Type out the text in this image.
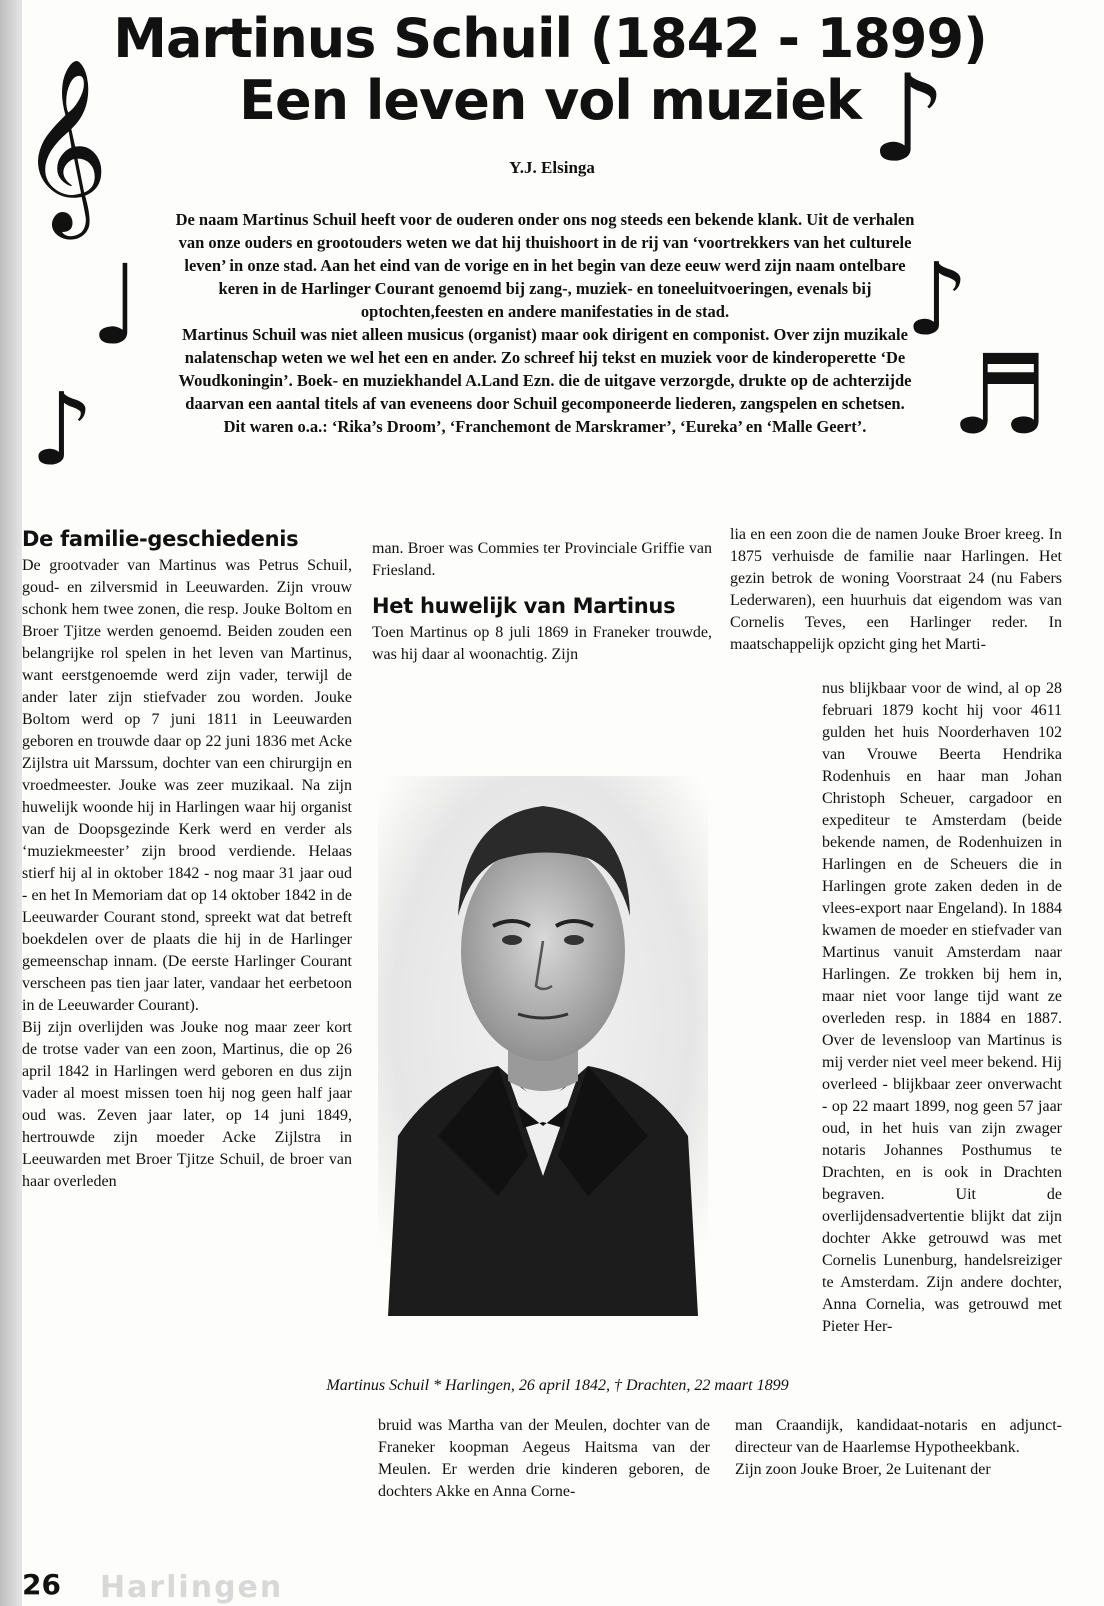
𝄞
♩
♪
♪
♪
♬
Martinus Schuil (1842 - 1899)
Een leven vol muziek
Y.J. Elsinga

De naam Martinus Schuil heeft voor de ouderen onder ons nog steeds een bekende klank. Uit de verhalen van onze ouders en grootouders weten we dat hij thuishoort in de rij van ‘voortrekkers van het culturele leven’ in onze stad. Aan het eind van de vorige en in het begin van deze eeuw werd zijn naam ontelbare keren in de Harlinger Courant genoemd bij zang-, muziek- en toneeluitvoeringen, evenals bij optochten,feesten en andere manifestaties in de stad.

Martinus Schuil was niet alleen musicus (organist) maar ook dirigent en componist. Over zijn muzikale nalatenschap weten we wel het een en ander. Zo schreef hij tekst en muziek voor de kinderoperette ‘De Woudkoningin’. Boek- en muziekhandel A.Land Ezn. die de uitgave verzorgde, drukte op de achterzijde daarvan een aantal titels af van eveneens door Schuil gecomponeerde liederen, zangspelen en schetsen. Dit waren o.a.: ‘Rika’s Droom’, ‘Franchemont de Marskramer’, ‘Eureka’ en ‘Malle Geert’.

De familie-geschiedenis

De grootvader van Martinus was Petrus Schuil, goud- en zilversmid in Leeuwarden. Zijn vrouw schonk hem twee zonen, die resp. Jouke Boltom en Broer Tjitze werden genoemd. Beiden zouden een belangrijke rol spelen in het leven van Martinus, want eerstgenoemde werd zijn vader, terwijl de ander later zijn stiefvader zou worden. Jouke Boltom werd op 7 juni 1811 in Leeuwarden geboren en trouwde daar op 22 juni 1836 met Acke Zijlstra uit Marssum, dochter van een chirurgijn en vroedmeester. Jouke was zeer muzikaal. Na zijn huwelijk woonde hij in Harlingen waar hij organist van de Doopsgezinde Kerk werd en verder als ‘muziekmeester’ zijn brood verdiende. Helaas stierf hij al in oktober 1842 - nog maar 31 jaar oud - en het In Memoriam dat op 14 oktober 1842 in de Leeuwarder Courant stond, spreekt wat dat betreft boekdelen over de plaats die hij in de Harlinger gemeenschap innam. (De eerste Harlinger Courant verscheen pas tien jaar later, vandaar het eerbetoon in de Leeuwarder Courant).

Bij zijn overlijden was Jouke nog maar zeer kort de trotse vader van een zoon, Martinus, die op 26 april 1842 in Harlingen werd geboren en dus zijn vader al moest missen toen hij nog geen half jaar oud was. Zeven jaar later, op 14 juni 1849, hertrouwde zijn moeder Acke Zijlstra in Leeuwarden met Broer Tjitze Schuil, de broer van haar overleden

man. Broer was Commies ter Provinciale Griffie van Friesland.

Het huwelijk van Martinus

Toen Martinus op 8 juli 1869 in Franeker trouwde, was hij daar al woonachtig. Zijn

Martinus Schuil * Harlingen, 26 april 1842, † Drachten, 22 maart 1899

bruid was Martha van der Meulen, dochter van de Franeker koopman Aegeus Haitsma van der Meulen. Er werden drie kinderen geboren, de dochters Akke en Anna Corne-

lia en een zoon die de namen Jouke Broer kreeg. In 1875 verhuisde de familie naar Harlingen. Het gezin betrok de woning Voorstraat 24 (nu Fabers Lederwaren), een huurhuis dat eigendom was van Cornelis Teves, een Harlinger reder. In maatschappelijk opzicht ging het Marti-

nus blijkbaar voor de wind, al op 28 februari 1879 kocht hij voor 4611 gulden het huis Noorderhaven 102 van Vrouwe Beerta Hendrika Rodenhuis en haar man Johan Christoph Scheuer, cargadoor en expediteur te Amsterdam (beide bekende namen, de Rodenhuizen in Harlingen en de Scheuers die in Harlingen grote zaken deden in de vlees-export naar Engeland). In 1884 kwamen de moeder en stiefvader van Martinus vanuit Amsterdam naar Harlingen. Ze trokken bij hem in, maar niet voor lange tijd want ze overleden resp. in 1884 en 1887. Over de levensloop van Martinus is mij verder niet veel meer bekend. Hij overleed - blijkbaar zeer onverwacht - op 22 maart 1899, nog geen 57 jaar oud, in het huis van zijn zwager notaris Johannes Posthumus te Drachten, en is ook in Drachten begraven. Uit de overlijdensadvertentie blijkt dat zijn dochter Akke getrouwd was met Cornelis Lunenburg, handelsreiziger te Amsterdam. Zijn andere dochter, Anna Cornelia, was getrouwd met Pieter Her-

man Craandijk, kandidaat-notaris en adjunct-directeur van de Haarlemse Hypotheekbank.

Zijn zoon Jouke Broer, 2e Luitenant der

26 Harlingen
